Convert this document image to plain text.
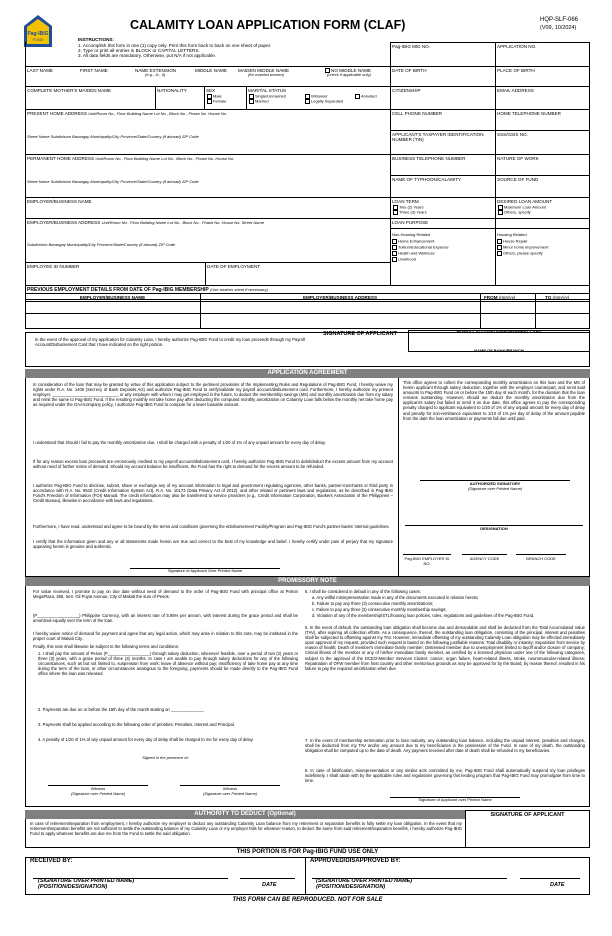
Pag-IBIG
FUND
CALAMITY LOAN APPLICATION FORM (CLAF)	HQP-SLF-066
(V09, 10/2024)
INSTRUCTIONS:
1. Accomplish this form in one (1) copy only. Print this form back to back on one sheet of paper.
2. Type or print all entries in BLOCK or CAPITAL LETTERS.
3. All data fields are mandatory. Otherwise, put N/A if not applicable.
Pag-IBIG MID NO.	APPLICATION NO.
LAST NAME	FIRST NAME	NAME EXTENSION
(e.g., Jr., II)
MIDDLE NAME MAIDEN MIDDLE NAME
(for married women)
NO MIDDLE NAME
(check if applicable only)
DATE OF BIRTH	PLACE OF BIRTH
COMPLETE MOTHER'S MAIDEN NAME	NATIONALITY	SEX
Male
Female
MARITAL STATUS
Single/Unmarried
Married
Widow/er
Legally Separated
Annulled
CITIZENSHIP	EMAIL ADDRESS
PRESENT HOME ADDRESS Unit/Room No., Floor Building Name Lot No., Block No., Phase No. House No.	CELL PHONE NUMBER	HOME TELEPHONE NUMBER
Street Name Subdivision Barangay Municipality/City Province/State/Country (if abroad) ZIP Code	APPLICANT'S TAXPAYER IDENTIFICATION NUMBER (TIN)
SSS/GSIS NO.
PERMANENT HOME ADDRESS Unit/Room No., Floor Building Name Lot No., Block No., Phase No. House No.	BUSINESS TELEPHONE NUMBER	NATURE OF WORK
Street Name Subdivision Barangay Municipality/City Province/State/Country (if abroad) ZIP Code	NAME OF TYPHOON/CALAMITY	SOURCE OF FUND
EMPLOYER/BUSINESS NAME	LOAN TERM
Two (2) Years
Three (3) Years
DESIRED LOAN AMOUNT
Maximum Loan Amount
Others, specify
EMPLOYER/BUSINESS ADDRESS Unit/Room No., Floor Building Name Lot No., Block No., Phase No. House No. Street Name
Subdivision Barangay Municipality/City Province/State/Country (if abroad) ZIP Code
LOAN PURPOSE
Non-Housing Related
Home Enhancement
Tuition/Educational Expense
Health and Wellness
Livelihood
Housing Related
House Repair
Minor home improvement
Others, please specify
EMPLOYEE ID NUMBER	DATE OF EMPLOYMENT
PREVIOUS EMPLOYMENT DETAILS FROM DATE OF Pag-IBIG MEMBERSHIP (Use another sheet if necessary)
EMPLOYER/BUSINESS NAME	EMPLOYER/BUSINESS ADDRESS	FROM (mm/yy)	TO (mm/yy)
In the event of the approval of my application for Calamity Loan, I hereby authorize Pag-IBIG Fund to credit my loan proceeds through my Payroll Account/Disbursement Card that I have indicated on the right portion.
SIGNATURE OF APPLICANT	PAYROLL ACCOUNT/DISBURSEMENT CARD
NAME OF BANK/BRANCH
APPLICATION AGREEMENT
In consideration of the loan that may be granted by virtue of this application subject to the pertinent provisions of the Implementing Rules and Regulations of Pag-IBIG Fund, I hereby waive my rights under R.A. No. 1405 (Secrecy of Bank Deposits Act) and authorize Pag-IBIG Fund to verify/validate my payroll account/disbursement card. Furthermore, I hereby authorize my present employer, ____________________________, or any employer with whom I may get employed in the future, to deduct the membership savings (MS) and monthly amortization due from my salary and remit the same to Pag-IBIG Fund. If the resulting monthly net take home pay after deducting the computed monthly amortization on Calamity Loan falls below the monthly net take home pay as required under the GAA/company policy, I authorize Pag-IBIG Fund to compute for a lower loanable amount.
I understand that should I fail to pay the monthly amortization due, I shall be charged with a penalty of 1/20 of 1% of any unpaid amount for every day of delay.
If for any reason excess loan proceeds are erroneously credited to my payroll account/disbursement card, I hereby authorize Pag-IBIG Fund to debit/deduct the excess amount from my account without need of further notice of demand. Should my account balance be insufficient, the Fund has the right to demand for the excess amount to be refunded.
I authorize Pag-IBIG Fund to disclose, submit, share or exchange any of my account information to legal and government regulating agencies, other banks, partner-merchants or third party in accordance with R.A. No. 9510 (Credit Information System Act), R.A. No. 10173 (Data Privacy Act of 2012), and other related or pertinent laws and regulations, as be described in Pag-IBIG Fund's Freedom of Information (FOI) Manual. The credit information may also be transferred to service providers (e.g., Credit Information Corporation, Bankers Association of the Philippines – Credit Bureau), likewise in accordance with laws and regulations.
Furthermore, I have read, understood and agree to be bound by the terms and conditions governing the eDisbursement Facility/Program and Pag-IBIG Fund's partner-banks' internal guidelines.
I certify that the information given and any or all statements made herein are true and correct to the best of my knowledge and belief. I hereby certify under pain of perjury that my signature appearing herein is genuine and authentic.
Signature of Applicant Over Printed Name
This office agrees to collect the corresponding monthly amortization on this loan and the MS of herein applicant through salary deduction, together with the employer counterpart, and remit said amounts to Pag-IBIG Fund on or before the 15th day of each month, for the duration that the loan remains outstanding. However, should we deduct the monthly amortization due from the applicant's salary but failed to remit it on due date, this office agrees to pay the corresponding penalty charged to applicant equivalent to 1/20 of 1% of any unpaid amount for every day of delay and penalty for non-remittance equivalent to 1/10 of 1% per day of delay of the amount payable from the date the loan amortization or payments fall due until paid.
AUTHORIZED SIGNATORY
(Signature over Printed Name)
DESIGNATION
Pag-IBIG EMPLOYER ID NO.
AGENCY CODE	BRANCH CODE
PROMISSORY NOTE
For value received, I promise to pay on due date without need of demand to the order of Pag-IBIG Fund with principal office at Petron MegaPlaza, 358, Sen. Gil Puyat Avenue, City of Makati the sum of Pesos:
(P__________________) Philippine Currency, with an interest rate of 5.95% per annum, with interest during the grace period and shall be amortized equally over the term of the loan.
I hereby waive notice of demand for payment and agree that any legal action, which may arise in relation to this note, may be instituted in the proper court of Makati City.
Finally, this note shall likewise be subject to the following terms and conditions:
1. I shall pay the amount of Pesos (P__________________) through salary deduction, whenever feasible, over a period of two (2) years or three (3) years, with a grace period of three (3) months. In case I am unable to pay through salary deductions for any of the following circumstances, such as but not limited to, suspension from work; leave of absence without pay; insufficiency of take home pay at any time during the term of the loan; or other circumstances analogous to the foregoing, payments should be made directly to the Pag-IBIG Fund office where the loan was released.
2. Payments are due on or before the 15th day of the month starting on ______________.
3. Payments shall be applied according to the following order of priorities: Penalties, Interest and Principal.
4. A penalty of 1/20 of 1% of any unpaid amount for every day of delay shall be charged to me for every day of delay.
Signed in the presence of:
Witness
(Signature over Printed Name)
Witness
(Signature over Printed Name)
5. I shall be considered in default in any of the following cases:
a. Any willful misrepresentation made in any of the documents executed in relation hereto;
b. Failure to pay any three (3) consecutive monthly amortizations;
c. Failure to pay any three (3) consecutive monthly membership savings;
d. Violation of any of the membership/STL/housing loan policies, rules, regulations and guidelines of the Pag-IBIG Fund.
6. In the event of default, the outstanding loan obligation shall become due and demandable and shall be deducted from the Total Accumulated Value (TAV), after expiring all collection efforts. As a consequence, thereof, the outstanding loan obligation, consisting of the principal, interest and penalties shall be subjected to offsetting against my TAV. However, immediate offsetting of my outstanding Calamity Loan obligation may be effected immediately upon approval of my request, provided such request is based on the following justifiable reasons: Total disability or insanity; Separation from service by reason of health; Death of member's immediate family member; Distressed member due to unemployment limited to layoff and/or closure of company; Critical illness of the member or any of his/her immediate family member, as certified by a licensed physician under one of the following categories, subject to the approval of the DCEO-Member Services Cluster: cancer, organ failure, heart-related illness, stroke, neuromuscular-related illness; Repatriation of OFW member from host country and other meritorious grounds as may be approved for by the Board, by reason thereof, resulted in his failure to pay the required amortization when due.
7. In the event of membership termination prior to loan maturity, any outstanding loan balance, including the unpaid interest, penalties and charges, shall be deducted from my TAV and/or any amount due to my beneficiaries in the possession of the Fund. In case of my death, the outstanding obligation shall be computed up to the date of death. Any payment received after date of death shall be refunded to my beneficiaries.
8. In case of falsification, misrepresentation or any similar acts committed by me, Pag-IBIG Fund shall automatically suspend my loan privileges indefinitely. I shall abide with by the applicable rules and regulations governing this lending program that Pag-IBIG Fund may promulgate from time to time.
Signature of Applicant over Printed Name
AUTHORITY TO DEDUCT (Optional)
In case of retirement/separation from employment, I hereby authorize my employer to deduct any outstanding Calamity Loan balance from my retirement or separation benefits to fully settle my loan obligation. In the event that my retirement/separation benefits are not sufficient to settle the outstanding balance of my Calamity Loan or my employer fails for whatever reason, to deduct the same from said retirement/separation benefits, I hereby authorize Pag-IBIG Fund to apply whatever benefits are due me from the Fund to settle the said obligation.
SIGNATURE OF APPLICANT
THIS PORTION IS FOR Pag-IBIG FUND USE ONLY
RECEIVED BY:	APPROVED/DISAPPROVED BY:
(SIGNATURE OVER PRINTED NAME)
(POSITION/DESIGNATION)	DATE
(SIGNATURE OVER PRINTED NAME)
(POSITION/DESIGNATION)	DATE
THIS FORM CAN BE REPRODUCED. NOT FOR SALE
